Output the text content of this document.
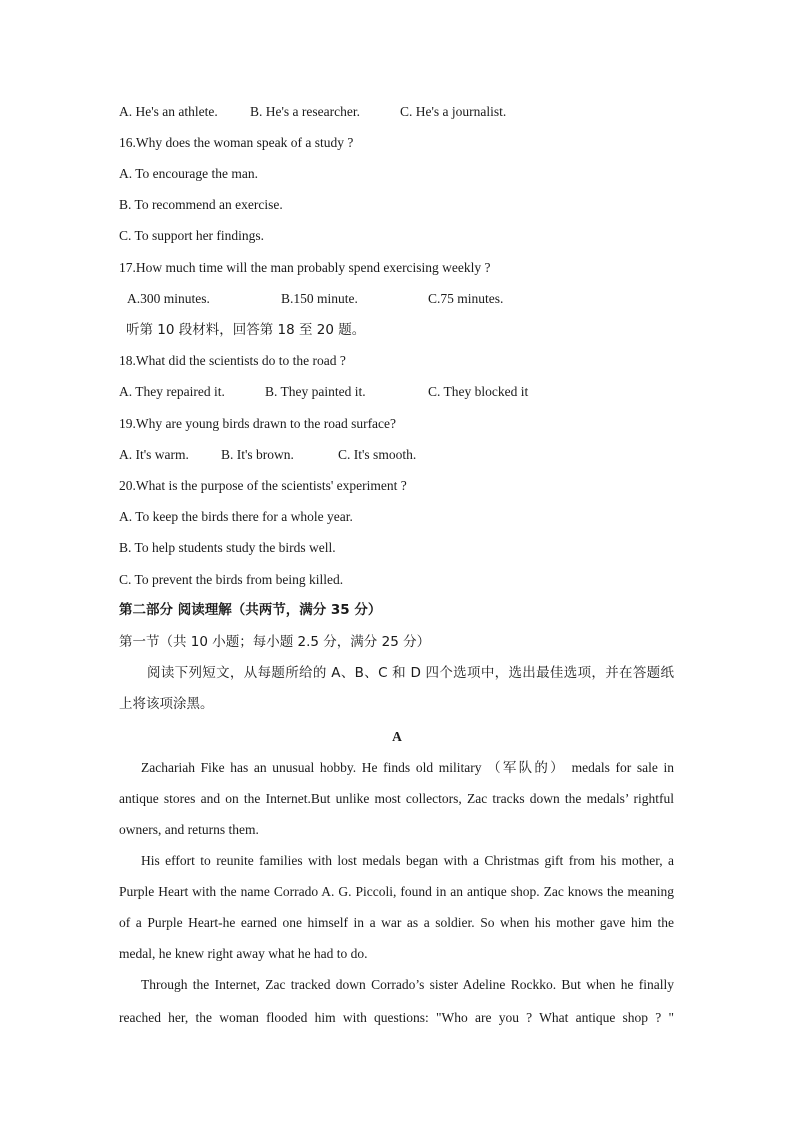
A. He's an athlete. B. He's a researcher.	C. He's a journalist.
16.Why does the woman speak of a study ?
A. To encourage the man.
B. To recommend an exercise.
C. To support her findings.
17.How much time will the man probably spend exercising weekly ?
A.300 minutes.	B.150 minute.	C.75 minutes.
听第 10 段材料，回答第 18 至 20 题。
18.What did the scientists do to the road ?
A. They repaired it.	B. They painted it.	C. They blocked it
19.Why are young birds drawn to the road surface?
A. It's warm. B. It's brown.	C. It's smooth.
20.What is the purpose of the scientists' experiment ?
A. To keep the birds there for a whole year.
B. To help students study the birds well.
C. To prevent the birds from being killed.
第二部分 阅读理解（共两节，满分 35 分）
第一节（共 10 小题；每小题 2.5 分，满分 25 分）
阅读下列短文，从每题所给的 A、B、C 和 D 四个选项中，选出最佳选项，并在答题纸
上将该项涂黑。
A
Zachariah Fike has an unusual hobby. He finds old military （军队的） medals for sale in
antique stores and on the Internet.But unlike most collectors, Zac tracks down the medals’ rightful
owners, and returns them.
His effort to reunite families with lost medals began with a Christmas gift from his mother, a
Purple Heart with the name Corrado A. G. Piccoli, found in an antique shop. Zac knows the meaning
of a Purple Heart-he earned one himself in a war as a soldier. So when his mother gave him the
medal, he knew right away what he had to do.
Through the Internet, Zac tracked down Corrado’s sister Adeline Rockko. But when he finally
reached her, the woman flooded him with questions: "Who are you ? What antique shop ? "
